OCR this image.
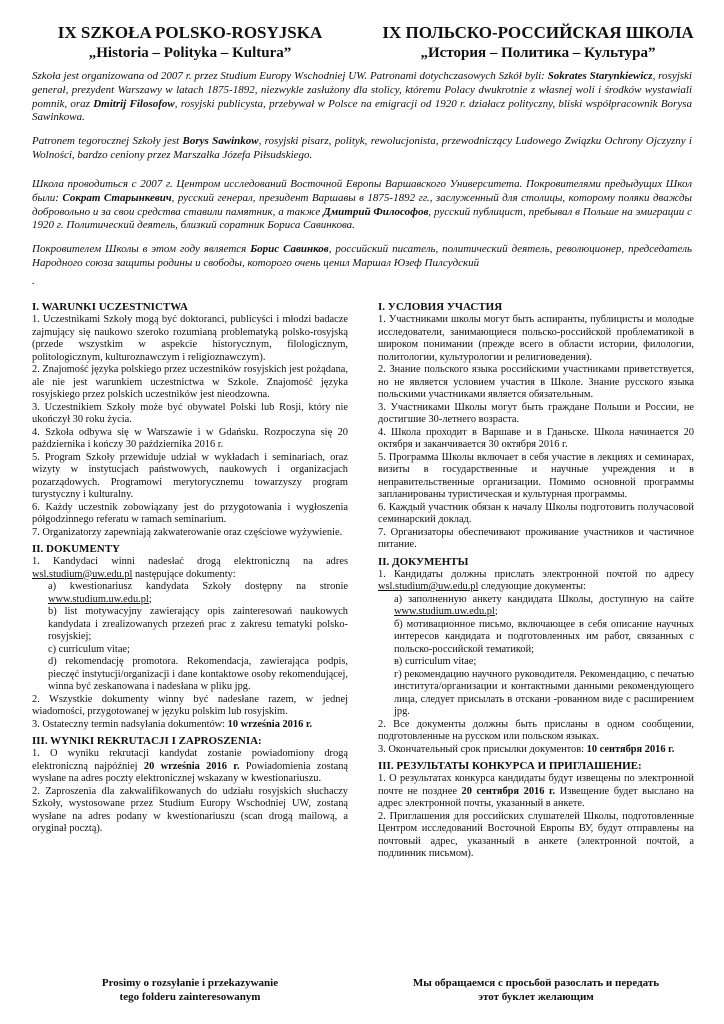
IX SZKOŁA POLSKO-ROSYJSKA
„Historia – Polityka – Kultura”
IX ПОЛЬСКО-РОССИЙСКАЯ ШКОЛА
„История – Политика – Культура”

Szkoła jest organizowana od 2007 r. przez Studium Europy Wschodniej UW. Patronami dotychczasowych Szkół byli: Sokrates Starynkiewicz, rosyjski generał, prezydent Warszawy w latach 1875-1892, niezwykle zasłużony dla stolicy, któremu Polacy dwukrotnie z własnej woli i środków wystawiali pomnik, oraz Dmitrij Filosofow, rosyjski publicysta, przebywał w Polsce na emigracji od 1920 r. działacz polityczny, bliski współpracownik Borysa Sawinkowa.

Patronem tegorocznej Szkoły jest Borys Sawinkow, rosyjski pisarz, polityk, rewolucjonista, przewodniczący Ludowego Związku Ochrony Ojczyzny i Wolności, bardzo ceniony przez Marszałka Józefa Piłsudskiego.

Школа проводиться с 2007 г. Центром исследований Восточной Европы Варшавского Университета. Покровителями предыдущих Школ были: Сократ Старынкевич, русский генерал, президент Варшавы в 1875-1892 гг., заслуженный для столицы, которому поляки дважды добровольно и за свои средства ставили памятник, а также Дмитрий Философов, русский публицист, пребывал в Польше на эмиграции с 1920 г. Политический деятель, близкий соратник Бориса Савинкова.

Покровителем Школы в этом году является Борис Савинков, российский писатель, политический деятель, революционер, председатель Народного союза защиты родины и свободы, которого очень ценил Маршал Юзеф Пилсудский

.

I. WARUNKI UCZESTNICTWA

1. Uczestnikami Szkoły mogą być doktoranci, publicyści i młodzi badacze zajmujący się naukowo szeroko rozumianą problematyką polsko-rosyjską (przede wszystkim w aspekcie historycznym, filologicznym, politologicznym, kulturoznawczym i religioznawczym).

2. Znajomość języka polskiego przez uczestników rosyjskich jest pożądana, ale nie jest warunkiem uczestnictwa w Szkole. Znajomość języka rosyjskiego przez polskich uczestników jest nieodzowna.

3. Uczestnikiem Szkoły może być obywatel Polski lub Rosji, który nie ukończył 30 roku życia.

4. Szkoła odbywa się w Warszawie i w Gdańsku. Rozpoczyna się 20 października i kończy 30 października 2016 r.

5. Program Szkoły przewiduje udział w wykładach i seminariach, oraz wizyty w instytucjach państwowych, naukowych i organizacjach pozarządowych. Programowi merytorycznemu towarzyszy program turystyczny i kulturalny.

6. Każdy uczestnik zobowiązany jest do przygotowania i wygłoszenia półgodzinnego referatu w ramach seminarium.

7. Organizatorzy zapewniają zakwaterowanie oraz częściowe wyżywienie.

II. DOKUMENTY

1. Kandydaci winni nadesłać drogą elektroniczną na adres wsl.studium@uw.edu.pl następujące dokumenty:

a) kwestionariusz kandydata Szkoły dostępny na stronie www.studium.uw.edu.pl;

b) list motywacyjny zawierający opis zainteresowań naukowych kandydata i zrealizowanych przezeń prac z zakresu tematyki polsko-rosyjskiej;

c) curriculum vitae;

d) rekomendację promotora. Rekomendacja, zawierająca podpis, pieczęć instytucji/organizacji i dane kontaktowe osoby rekomendującej, winna być zeskanowana i nadesłana w pliku jpg.

2. Wszystkie dokumenty winny być nadesłane razem, w jednej wiadomości, przygotowanej w języku polskim lub rosyjskim.

3. Ostateczny termin nadsyłania dokumentów: 10 września 2016 r.

III. WYNIKI REKRUTACJI I ZAPROSZENIA:

1. O wyniku rekrutacji kandydat zostanie powiadomiony drogą elektroniczną najpóźniej 20 września 2016 r. Powiadomienia zostaną wysłane na adres poczty elektronicznej wskazany w kwestionariuszu.

2. Zaproszenia dla zakwalifikowanych do udziału rosyjskich słuchaczy Szkoły, wystosowane przez Studium Europy Wschodniej UW, zostaną wysłane na adres podany w kwestionariuszu (scan drogą mailową, a oryginał pocztą).

I. УСЛОВИЯ УЧАСТИЯ

1. Участниками школы могут быть аспиранты, публицисты и молодые исследователи, занимающиеся польско-российской проблематикой в широком понимании (прежде всего в области истории, филологии, политологии, культурологии и религиоведения).

2. Знание польского языка российскими участниками приветствуется, но не является условием участия в Школе. Знание русского языка польскими участниками является обязательным.

3. Участниками Школы могут быть граждане Польши и России, не достигшие 30-летнего возраста.

4. Школа проходит в Варшаве и в Гданьске. Школа начинается 20 октября и заканчивается 30 октября 2016 г.

5. Программа Школы включает в себя участие в лекциях и семинарах, визиты в государственные и научные учреждения и в неправительственные организации. Помимо основной программы запланированы туристическая и культурная программы.

6. Каждый участник обязан к началу Школы подготовить получасовой семинарский доклад.

7. Организаторы обеспечивают проживание участников и частичное питание.

II. ДОКУМЕНТЫ

1. Кандидаты должны прислать электронной почтой по адресу wsl.studium@uw.edu.pl следующие документы:

а) заполненную анкету кандидата Школы, доступную на сайте www.studium.uw.edu.pl;

б) мотивационное письмо, включающее в себя описание научных интересов кандидата и подготовленных им работ, связанных с польско-российской тематикой;

в) curriculum vitae;

г) рекомендацию научного руководителя. Рекомендацию, с печатью института/организации и контактными данными рекомендующего лица, следует присылать в отскани -рованном виде с расширением jpg.

2. Все документы должны быть присланы в одном сообщении, подготовленные на русском или польском языках.

3. Окончательный срок присылки документов: 10 сентября 2016 г.

III. РЕЗУЛЬТАТЫ КОНКУРСА И ПРИГЛАШЕНИЕ:

1. О результатах конкурса кандидаты будут извещены по электронной почте не позднее 20 сентября 2016 г. Извещение будет выслано на адрес электронной почты, указанный в анкете.

2. Приглашения для российских слушателей Школы, подготовленные Центром исследований Восточной Европы ВУ, будут отправлены на почтовый адрес, указанный в анкете (электронной почтой, а подлинник письмом).

Prosimy o rozsyłanie i przekazywanie
tego folderu zainteresowanym
Мы обращаемся с просьбой разослать и передать
этот буклет желающим
